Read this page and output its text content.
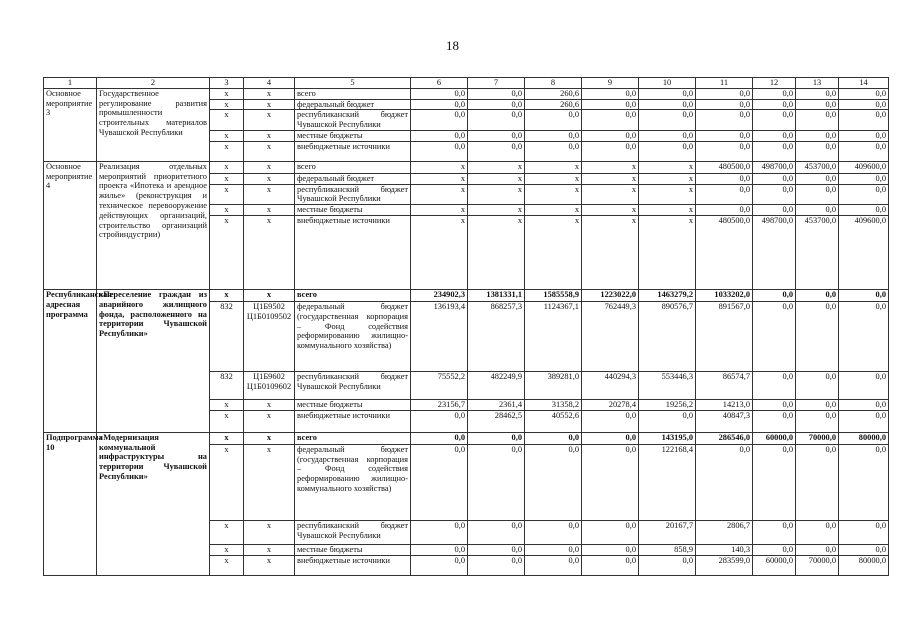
18
1	2	3	4	5	6	7	8	9	10	11	12	13	14
Основное мероприятие 3	Государственное регулирование развития промышленности строительных материалов Чувашской Республики	x	x	всего	0,0	0,0	260,6	0,0	0,0	0,0	0,0	0,0	0,0
		x	x	федеральный бюджет	0,0	0,0	260,6	0,0	0,0	0,0	0,0	0,0	0,0
		x	x	республиканский бюджет Чувашской Республики	0,0	0,0	0,0	0,0	0,0	0,0	0,0	0,0	0,0
		x	x	местные бюджеты	0,0	0,0	0,0	0,0	0,0	0,0	0,0	0,0	0,0
		x	x	внебюджетные источники	0,0	0,0	0,0	0,0	0,0	0,0	0,0	0,0	0,0
Основное мероприятие 4	Реализация отдельных мероприятий приоритетного проекта «Ипотека и арендное жилье» (реконструкция и техническое перевооружение действующих организаций, строительство организаций стройиндустрии)	x	x	всего	x	x	x	x	x	480500,0	498700,0	453700,0	409600,0
		x	x	федеральный бюджет	x	x	x	x	x	0,0	0,0	0,0	0,0
		x	x	республиканский бюджет Чувашской Республики	x	x	x	x	x	0,0	0,0	0,0	0,0
		x	x	местные бюджеты	x	x	x	x	x	0,0	0,0	0,0	0,0
		x	x	внебюджетные источники	x	x	x	x	x	480500,0	498700,0	453700,0	409600,0
Республиканская адресная программа	«Переселение граждан из аварийного жилищного фонда, расположенного на территории Чувашской Республики»	x	x	всего	234902,3	1381331,1	1585558,9	1223022,0	1463279,2	1033202,0	0,0	0,0	0,0
		832	Ц1Б9502 Ц1Б0109502	федеральный бюджет (государственная корпорация – Фонд содействия реформированию жилищно-коммунального хозяйства)	136193,4	868257,3	1124367,1	762449,3	890576,7	891567,0	0,0	0,0	0,0
		832	Ц1Б9602 Ц1Б0109602	республиканский бюджет Чувашской Республики	75552,2	482249,9	389281,0	440294,3	553446,3	86574,7	0,0	0,0	0,0
		x	x	местные бюджеты	23156,7	2361,4	31358,2	20278,4	19256,2	14213,0	0,0	0,0	0,0
		x	x	внебюджетные источники	0,0	28462,5	40552,6	0,0	0,0	40847,3	0,0	0,0	0,0
Подпрограмма 10	«Модернизация коммунальной инфраструктуры на территории Чувашской Республики»	x	x	всего	0,0	0,0	0,0	0,0	143195,0	286546,0	60000,0	70000,0	80000,0
		x	x	федеральный бюджет (государственная корпорация – Фонд содействия реформированию жилищно-коммунального хозяйства)	0,0	0,0	0,0	0,0	122168,4	0,0	0,0	0,0	0,0
		x	x	республиканский бюджет Чувашской Республики	0,0	0,0	0,0	0,0	20167,7	2806,7	0,0	0,0	0,0
		x	x	местные бюджеты	0,0	0,0	0,0	0,0	858,9	140,3	0,0	0,0	0,0
		x	x	внебюджетные источники	0,0	0,0	0,0	0,0	0,0	283599,0	60000,0	70000,0	80000,0
